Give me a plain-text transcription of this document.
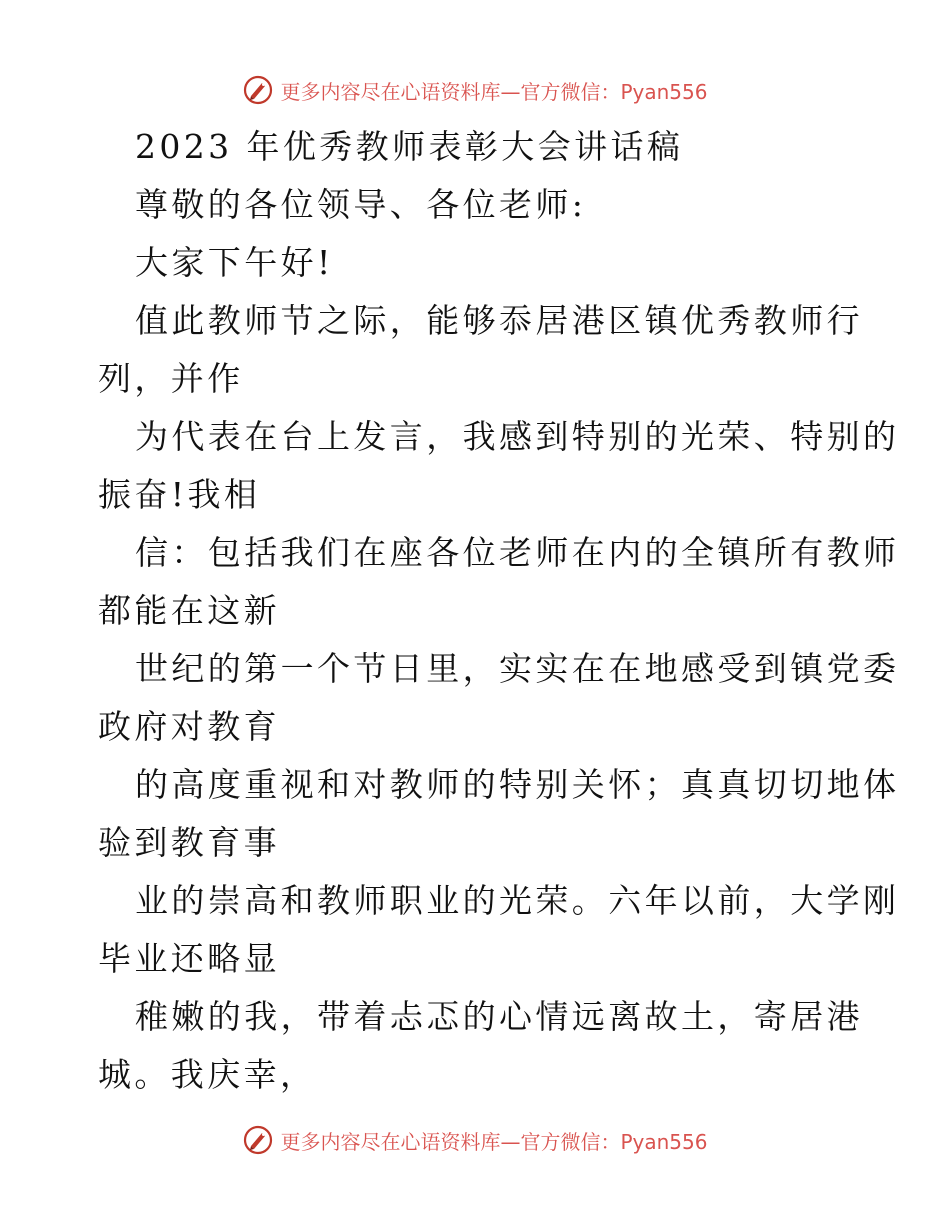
更多内容尽在心语资料库—官方微信：Pyan556
2023 年优秀教师表彰大会讲话稿
尊敬的各位领导、各位老师:
大家下午好!
值此教师节之际，能够忝居港区镇优秀教师行
列，并作
为代表在台上发言，我感到特别的光荣、特别的
振奋!我相
信：包括我们在座各位老师在内的全镇所有教师
都能在这新
世纪的第一个节日里，实实在在地感受到镇党委
政府对教育
的高度重视和对教师的特别关怀；真真切切地体
验到教育事
业的崇高和教师职业的光荣。六年以前，大学刚
毕业还略显
稚嫩的我，带着忐忑的心情远离故土，寄居港
城。我庆幸，
更多内容尽在心语资料库—官方微信：Pyan556
